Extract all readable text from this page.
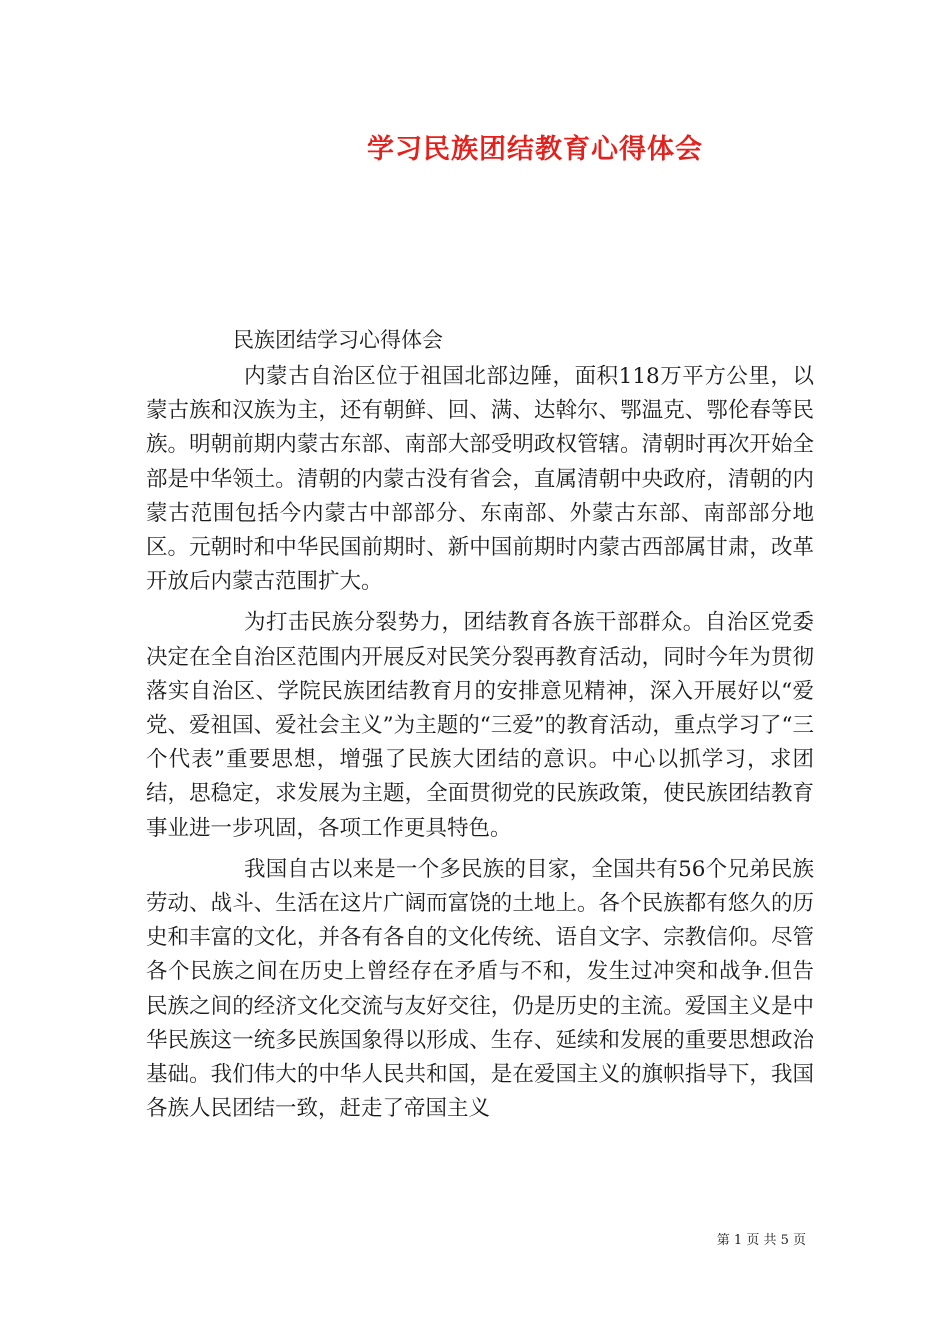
学习民族团结教育心得体会
民族团结学习心得体会

内蒙古自治区位于祖国北部边陲，面积118万平方公里，以蒙古族和汉族为主，还有朝鲜、回、满、达斡尔、鄂温克、鄂伦春等民族。明朝前期内蒙古东部、南部大部受明政权管辖。清朝时再次开始全部是中华领土。清朝的内蒙古没有省会，直属清朝中央政府，清朝的内蒙古范围包括今内蒙古中部部分、东南部、外蒙古东部、南部部分地区。元朝时和中华民国前期时、新中国前期时内蒙古西部属甘肃，改革开放后内蒙古范围扩大。

为打击民族分裂势力，团结教育各族干部群众。自治区党委决定在全自治区范围内开展反对民笑分裂再教育活动，同时今年为贯彻落实自治区、学院民族团结教育月的安排意见精神，深入开展好以“爱党、爱祖国、爱社会主义”为主题的“三爱”的教育活动，重点学习了“三个代表”重要思想，增强了民族大团结的意识。中心以抓学习，求团结，思稳定，求发展为主题，全面贯彻党的民族政策，使民族团结教育事业进一步巩固，各项工作更具特色。

我国自古以来是一个多民族的目家，全国共有56个兄弟民族劳动、战斗、生活在这片广阔而富饶的土地上。各个民族都有悠久的历史和丰富的文化，并各有各自的文化传统、语自文字、宗教信仰。尽管各个民族之间在历史上曾经存在矛盾与不和，发生过冲突和战争.但告民族之间的经济文化交流与友好交往，仍是历史的主流。爱国主义是中华民族这一统多民族国象得以形成、生存、延续和发展的重要思想政治基础。我们伟大的中华人民共和国，是在爱国主义的旗帜指导下，我国各族人民团结一致，赶走了帝国主义

第 1 页 共 5 页
